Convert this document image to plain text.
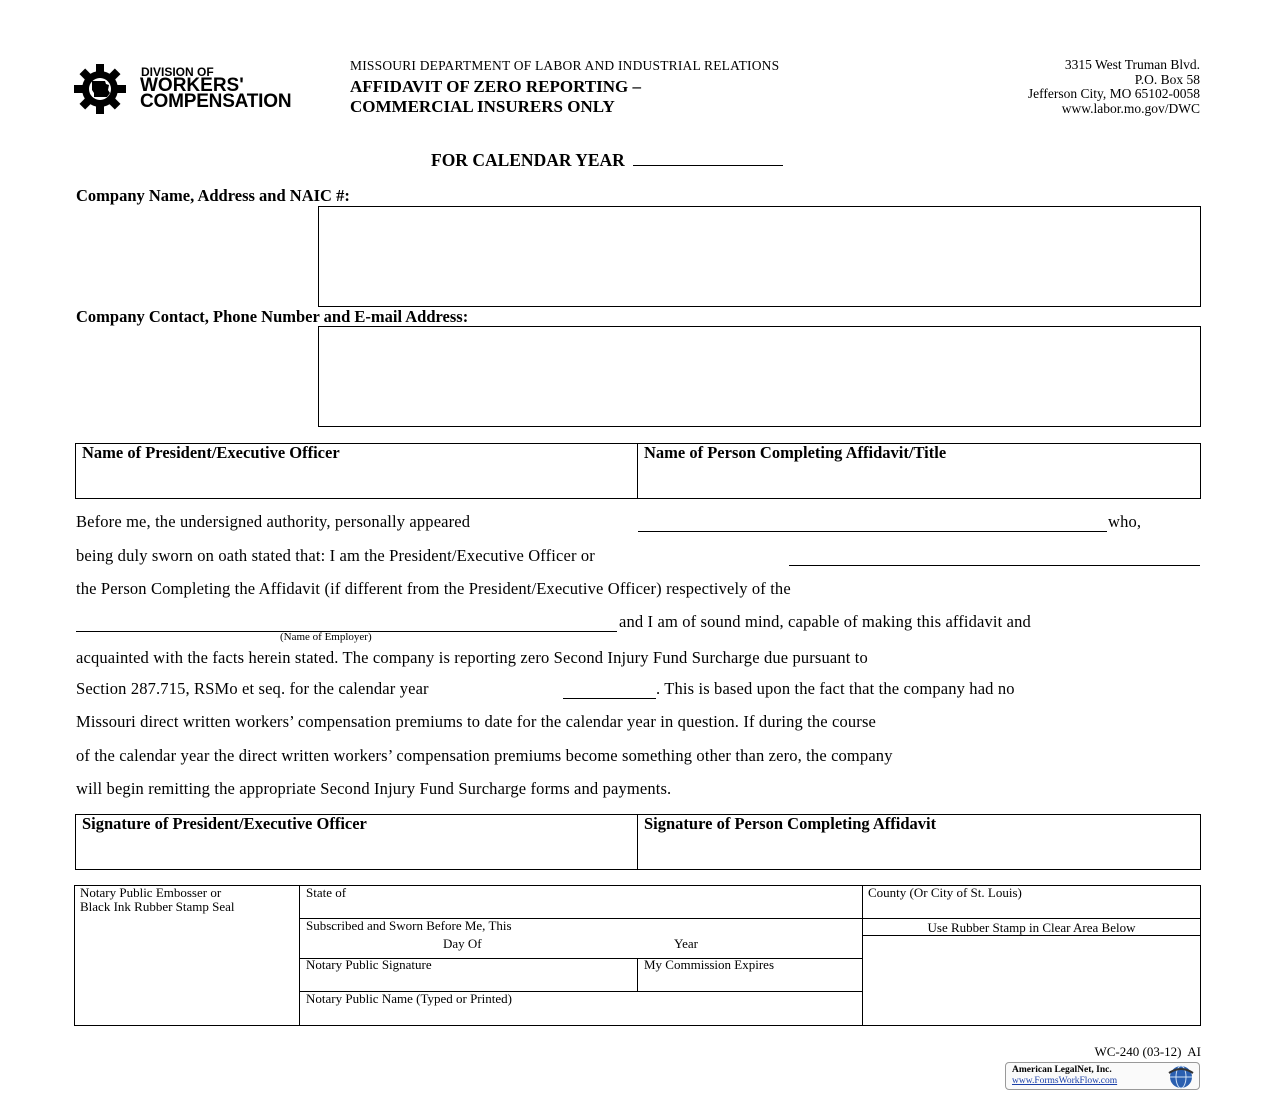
DIVISION OF
WORKERS'
COMPENSATION
MISSOURI DEPARTMENT OF LABOR AND INDUSTRIAL RELATIONS
AFFIDAVIT OF ZERO REPORTING –
COMMERCIAL INSURERS ONLY
3315 West Truman Blvd.
P.O. Box 58
Jefferson City, MO 65102-0058
www.labor.mo.gov/DWC
FOR CALENDAR YEAR
Company Name, Address and NAIC #:
Company Contact, Phone Number and E-mail Address:
Name of President/Executive Officer	Name of Person Completing Affidavit/Title
Before me, the undersigned authority, personally appeared	who,
being duly sworn on oath stated that: I am the President/Executive Officer or
the Person Completing the Affidavit (if different from the President/Executive Officer) respectively of the
and I am of sound mind, capable of making this affidavit and
(Name of Employer)
acquainted with the facts herein stated. The company is reporting zero Second Injury Fund Surcharge due pursuant to
Section 287.715, RSMo et seq. for the calendar year	. This is based upon the fact that the company had no
Missouri direct written workers’ compensation premiums to date for the calendar year in question. If during the course
of the calendar year the direct written workers’ compensation premiums become something other than zero, the company
will begin remitting the appropriate Second Injury Fund Surcharge forms and payments.
Signature of President/Executive Officer	Signature of Person Completing Affidavit
Notary Public Embosser or
Black Ink Rubber Stamp Seal
State of	County (Or City of St. Louis)
Subscribed and Sworn Before Me, This
Day Of	Year
Use Rubber Stamp in Clear Area Below
Notary Public Signature	My Commission Expires
Notary Public Name (Typed or Printed)
WC-240 (03-12)  AI
American LegalNet, Inc.
www.FormsWorkFlow.com
